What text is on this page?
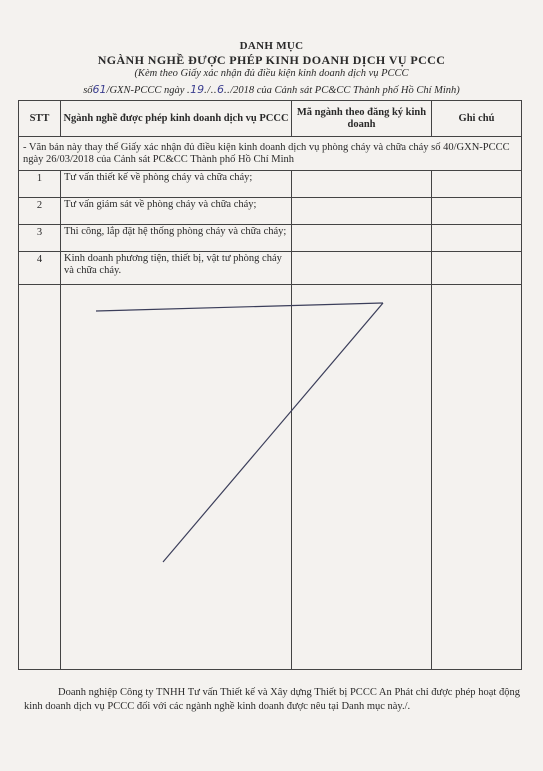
DANH MỤC
NGÀNH NGHỀ ĐƯỢC PHÉP KINH DOANH DỊCH VỤ PCCC
(Kèm theo Giấy xác nhận đủ điều kiện kinh doanh dịch vụ PCCC
số61/GXN-PCCC ngày .19./..6../2018 của Cảnh sát PC&CC Thành phố Hồ Chí Minh)
STT	Ngành nghề được phép kinh doanh dịch vụ PCCC	Mã ngành theo đăng ký kinh doanh	Ghi chú
- Văn bản này thay thế Giấy xác nhận đủ điều kiện kinh doanh dịch vụ phòng cháy và chữa cháy số 40/GXN-PCCC ngày 26/03/2018 của Cảnh sát PC&CC Thành phố Hồ Chí Minh			
1	Tư vấn thiết kế về phòng cháy và chữa cháy;		
2	Tư vấn giám sát về phòng cháy và chữa cháy;		
3	Thi công, lắp đặt hệ thống phòng cháy và chữa cháy;		
4	Kinh doanh phương tiện, thiết bị, vật tư phòng cháy và chữa cháy.		

Doanh nghiệp Công ty TNHH Tư vấn Thiết kế và Xây dựng Thiết bị PCCC An Phát chỉ được phép hoạt động kinh doanh dịch vụ PCCC đối với các ngành nghề kinh doanh được nêu tại Danh mục này./.
